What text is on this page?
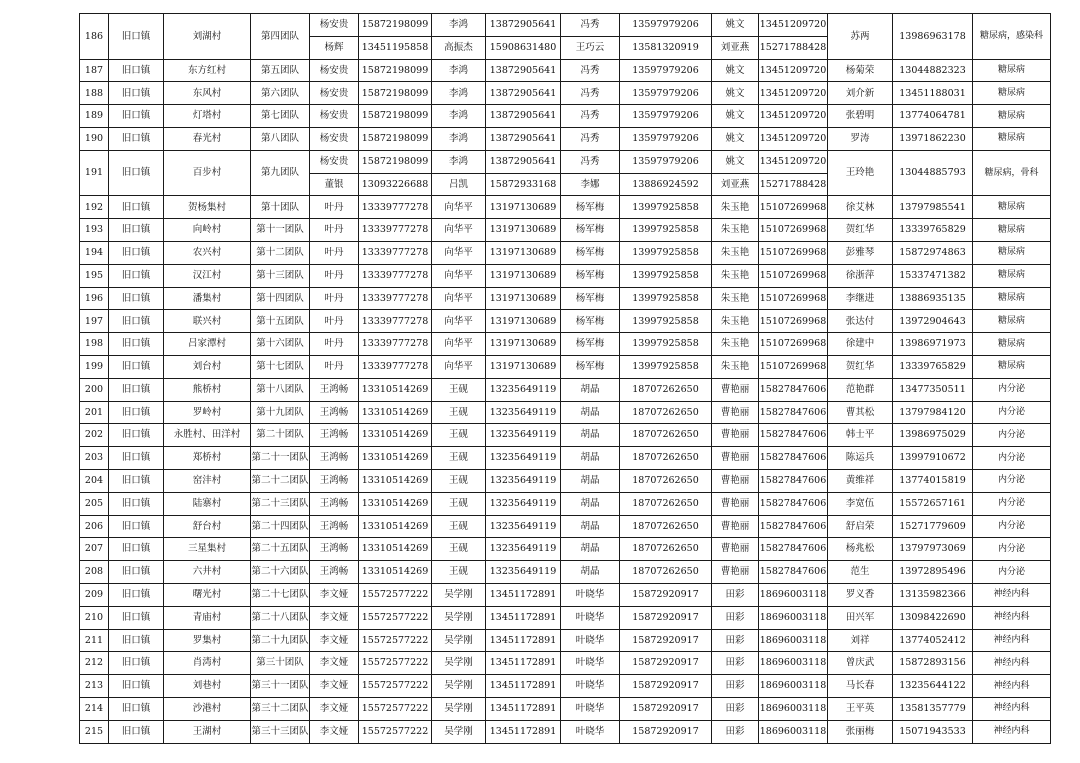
186	旧口镇	刘湖村	第四团队	杨安贵	15872198099	李鸿	13872905641	冯秀	13597979206	姚文	13451209720	苏两	13986963178	糖尿病，感染科
				杨辉	13451195858	高振杰	15908631480	王巧云	13581320919	刘亚燕	15271788428			
187	旧口镇	东方红村	第五团队	杨安贵	15872198099	李鸿	13872905641	冯秀	13597979206	姚文	13451209720	杨菊荣	13044882323	糖尿病
188	旧口镇	东风村	第六团队	杨安贵	15872198099	李鸿	13872905641	冯秀	13597979206	姚文	13451209720	刘介新	13451188031	糖尿病
189	旧口镇	灯塔村	第七团队	杨安贵	15872198099	李鸿	13872905641	冯秀	13597979206	姚文	13451209720	张碧明	13774064781	糖尿病
190	旧口镇	春光村	第八团队	杨安贵	15872198099	李鸿	13872905641	冯秀	13597979206	姚文	13451209720	罗涛	13971862230	糖尿病
191	旧口镇	百步村	第九团队	杨安贵	15872198099	李鸿	13872905641	冯秀	13597979206	姚文	13451209720	王玲艳	13044885793	糖尿病，骨科
				董银	13093226688	吕凯	15872933168	李娜	13886924592	刘亚燕	15271788428			
192	旧口镇	贺杨集村	第十团队	叶丹	13339777278	向华平	13197130689	杨军梅	13997925858	朱玉艳	15107269968	徐艾林	13797985541	糖尿病
193	旧口镇	向岭村	第十一团队	叶丹	13339777278	向华平	13197130689	杨军梅	13997925858	朱玉艳	15107269968	贺红华	13339765829	糖尿病
194	旧口镇	农兴村	第十二团队	叶丹	13339777278	向华平	13197130689	杨军梅	13997925858	朱玉艳	15107269968	彭雅琴	15872974863	糖尿病
195	旧口镇	汉江村	第十三团队	叶丹	13339777278	向华平	13197130689	杨军梅	13997925858	朱玉艳	15107269968	徐浙萍	15337471382	糖尿病
196	旧口镇	潘集村	第十四团队	叶丹	13339777278	向华平	13197130689	杨军梅	13997925858	朱玉艳	15107269968	李继进	13886935135	糖尿病
197	旧口镇	联兴村	第十五团队	叶丹	13339777278	向华平	13197130689	杨军梅	13997925858	朱玉艳	15107269968	张达付	13972904643	糖尿病
198	旧口镇	吕家潭村	第十六团队	叶丹	13339777278	向华平	13197130689	杨军梅	13997925858	朱玉艳	15107269968	徐建中	13986971973	糖尿病
199	旧口镇	刘台村	第十七团队	叶丹	13339777278	向华平	13197130689	杨军梅	13997925858	朱玉艳	15107269968	贺红华	13339765829	糖尿病
200	旧口镇	熊桥村	第十八团队	王鸿畅	13310514269	王砚	13235649119	胡晶	18707262650	曹艳丽	15827847606	范艳群	13477350511	内分泌
201	旧口镇	罗岭村	第十九团队	王鸿畅	13310514269	王砚	13235649119	胡晶	18707262650	曹艳丽	15827847606	曹其松	13797984120	内分泌
202	旧口镇	永胜村、田洋村	第二十团队	王鸿畅	13310514269	王砚	13235649119	胡晶	18707262650	曹艳丽	15827847606	韩士平	13986975029	内分泌
203	旧口镇	郑桥村	第二十一团队	王鸿畅	13310514269	王砚	13235649119	胡晶	18707262650	曹艳丽	15827847606	陈运兵	13997910672	内分泌
204	旧口镇	窑沣村	第二十二团队	王鸿畅	13310514269	王砚	13235649119	胡晶	18707262650	曹艳丽	15827847606	黄维祥	13774015819	内分泌
205	旧口镇	陆寨村	第二十三团队	王鸿畅	13310514269	王砚	13235649119	胡晶	18707262650	曹艳丽	15827847606	李宽伍	15572657161	内分泌
206	旧口镇	舒台村	第二十四团队	王鸿畅	13310514269	王砚	13235649119	胡晶	18707262650	曹艳丽	15827847606	舒启荣	15271779609	内分泌
207	旧口镇	三星集村	第二十五团队	王鸿畅	13310514269	王砚	13235649119	胡晶	18707262650	曹艳丽	15827847606	杨兆松	13797973069	内分泌
208	旧口镇	六井村	第二十六团队	王鸿畅	13310514269	王砚	13235649119	胡晶	18707262650	曹艳丽	15827847606	范生	13972895496	内分泌
209	旧口镇	曙光村	第二十七团队	李文娅	15572577222	吴学刚	13451172891	叶晓华	15872920917	田彩	18696003118	罗义香	13135982366	神经内科
210	旧口镇	青庙村	第二十八团队	李文娅	15572577222	吴学刚	13451172891	叶晓华	15872920917	田彩	18696003118	田兴军	13098422690	神经内科
211	旧口镇	罗集村	第二十九团队	李文娅	15572577222	吴学刚	13451172891	叶晓华	15872920917	田彩	18696003118	刘祥	13774052412	神经内科
212	旧口镇	肖湾村	第三十团队	李文娅	15572577222	吴学刚	13451172891	叶晓华	15872920917	田彩	18696003118	曾庆武	15872893156	神经内科
213	旧口镇	刘巷村	第三十一团队	李文娅	15572577222	吴学刚	13451172891	叶晓华	15872920917	田彩	18696003118	马长春	13235644122	神经内科
214	旧口镇	沙港村	第三十二团队	李文娅	15572577222	吴学刚	13451172891	叶晓华	15872920917	田彩	18696003118	王平英	13581357779	神经内科
215	旧口镇	王湖村	第三十三团队	李文娅	15572577222	吴学刚	13451172891	叶晓华	15872920917	田彩	18696003118	张丽梅	15071943533	神经内科
